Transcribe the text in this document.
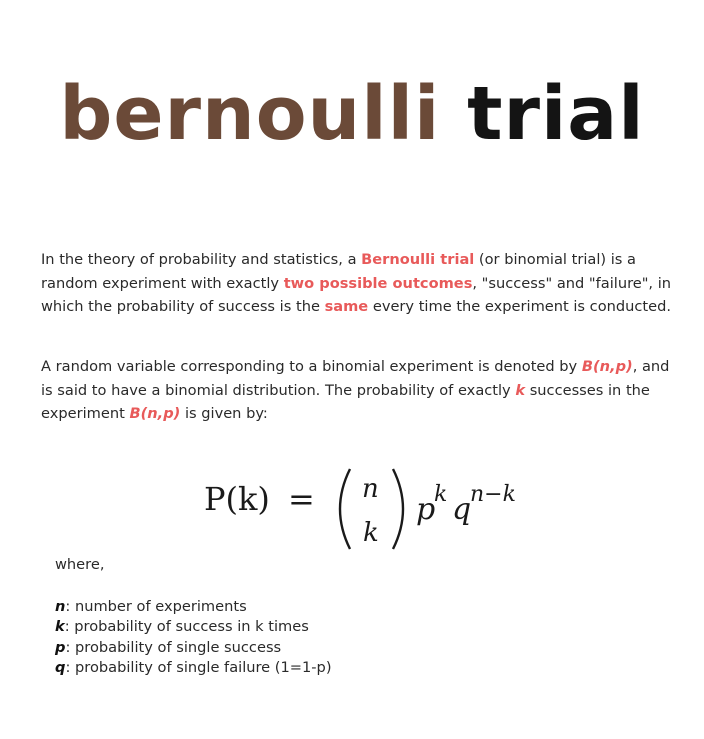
bernoulli trial

In the theory of probability and statistics, a Bernoulli trial (or binomial trial) is a random experiment with exactly two possible outcomes, "success" and "failure", in which the probability of success is the same every time the experiment is conducted.

A random variable corresponding to a binomial experiment is denoted by B(n,p), and is said to have a binomial distribution. The probability of exactly k successes in the experiment B(n,p) is given by:

P(k) = n
k
p
k q
n−k
where,
n: number of experiments
k: probability of success in k times
p: probability of single success
q: probability of single failure (1=1-p)
